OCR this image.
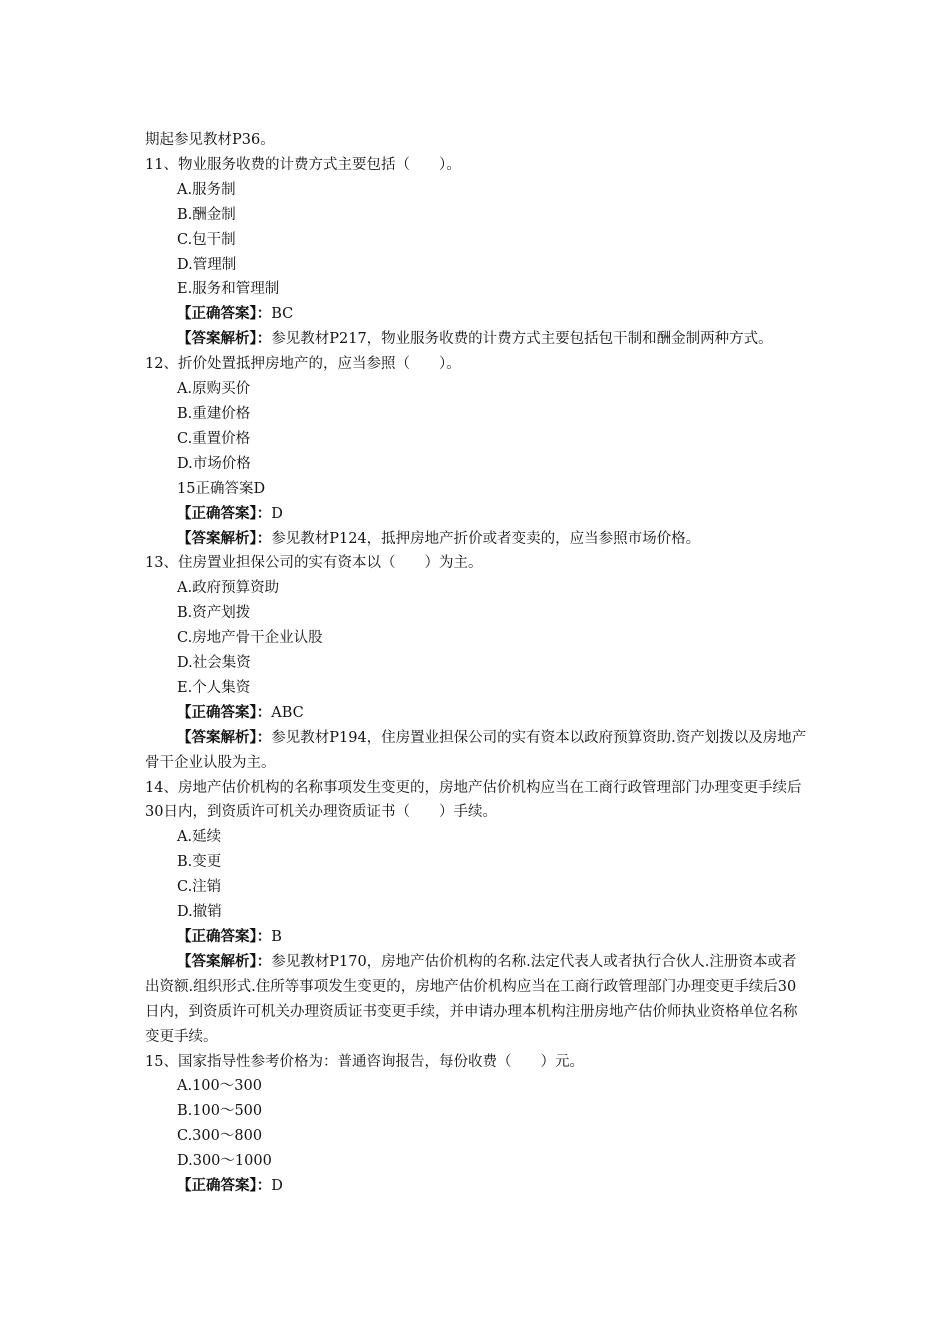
期起参见教材P36。
11、物业服务收费的计费方式主要包括（　　）。
A.服务制
B.酬金制
C.包干制
D.管理制
E.服务和管理制
【正确答案】：BC
【答案解析】：参见教材P217，物业服务收费的计费方式主要包括包干制和酬金制两种方式。
12、折价处置抵押房地产的，应当参照（　　）。
A.原购买价
B.重建价格
C.重置价格
D.市场价格
15正确答案D
【正确答案】：D
【答案解析】：参见教材P124，抵押房地产折价或者变卖的，应当参照市场价格。
13、住房置业担保公司的实有资本以（　　）为主。
A.政府预算资助
B.资产划拨
C.房地产骨干企业认股
D.社会集资
E.个人集资
【正确答案】：ABC
【答案解析】：参见教材P194，住房置业担保公司的实有资本以政府预算资助.资产划拨以及房地产骨干企业认股为主。
14、房地产估价机构的名称事项发生变更的，房地产估价机构应当在工商行政管理部门办理变更手续后30日内，到资质许可机关办理资质证书（　　）手续。
A.延续
B.变更
C.注销
D.撤销
【正确答案】：B
【答案解析】：参见教材P170，房地产估价机构的名称.法定代表人或者执行合伙人.注册资本或者出资额.组织形式.住所等事项发生变更的，房地产估价机构应当在工商行政管理部门办理变更手续后30日内，到资质许可机关办理资质证书变更手续，并申请办理本机构注册房地产估价师执业资格单位名称变更手续。
15、国家指导性参考价格为：普通咨询报告，每份收费（　　）元。
A.100～300
B.100～500
C.300～800
D.300～1000
【正确答案】：D
